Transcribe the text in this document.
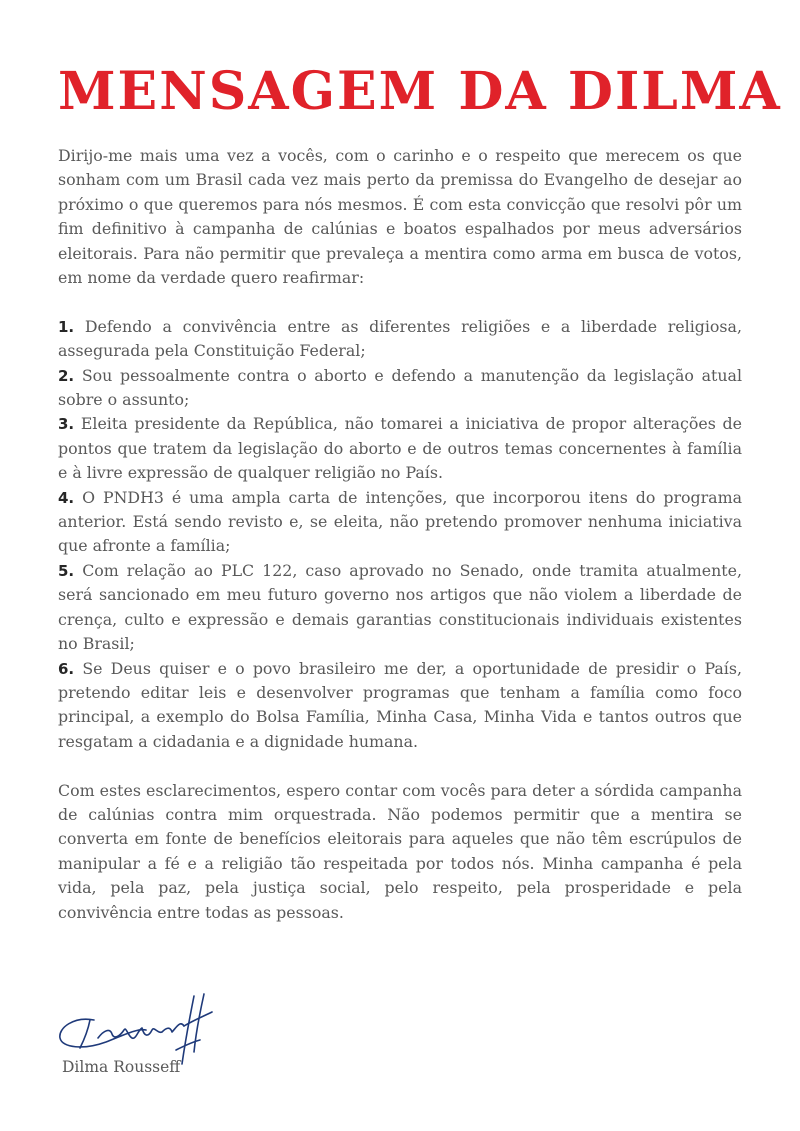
MENSAGEM DA DILMA

Dirijo-me mais uma vez a vocês, com o carinho e o respeito que merecem os que sonham com um Brasil cada vez mais perto da premissa do Evangelho de desejar ao próximo o que queremos para nós mesmos. É com esta convicção que resolvi pôr um fim definitivo à campanha de calúnias e boatos espalhados por meus adversários eleitorais. Para não permitir que prevaleça a mentira como arma em busca de votos, em nome da verdade quero reafirmar:

1. Defendo a convivência entre as diferentes religiões e a liberdade religiosa, assegurada pela Constituição Federal;

2. Sou pessoalmente contra o aborto e defendo a manutenção da legislação atual sobre o assunto;

3. Eleita presidente da República, não tomarei a iniciativa de propor alterações de pontos que tratem da legislação do aborto e de outros temas concernentes à família e à livre expressão de qualquer religião no País.

4. O PNDH3 é uma ampla carta de intenções, que incorporou itens do programa anterior. Está sendo revisto e, se eleita, não pretendo promover nenhuma iniciativa que afronte a família;

5. Com relação ao PLC 122, caso aprovado no Senado, onde tramita atualmente, será sancionado em meu futuro governo nos artigos que não violem a liberdade de crença, culto e expressão e demais garantias constitucionais individuais existentes no Brasil;

6. Se Deus quiser e o povo brasileiro me der, a oportunidade de presidir o País, pretendo editar leis e desenvolver programas que tenham a família como foco principal, a exemplo do Bolsa Família, Minha Casa, Minha Vida e tantos outros que resgatam a cidadania e a dignidade humana.

Com estes esclarecimentos, espero contar com vocês para deter a sórdida campanha de calúnias contra mim orquestrada. Não podemos permitir que a mentira se converta em fonte de benefícios eleitorais para aqueles que não têm escrúpulos de manipular a fé e a religião tão respeitada por todos nós. Minha campanha é pela vida, pela paz, pela justiça social, pelo respeito, pela prosperidade e pela convivência entre todas as pessoas.

Dilma Rousseff
